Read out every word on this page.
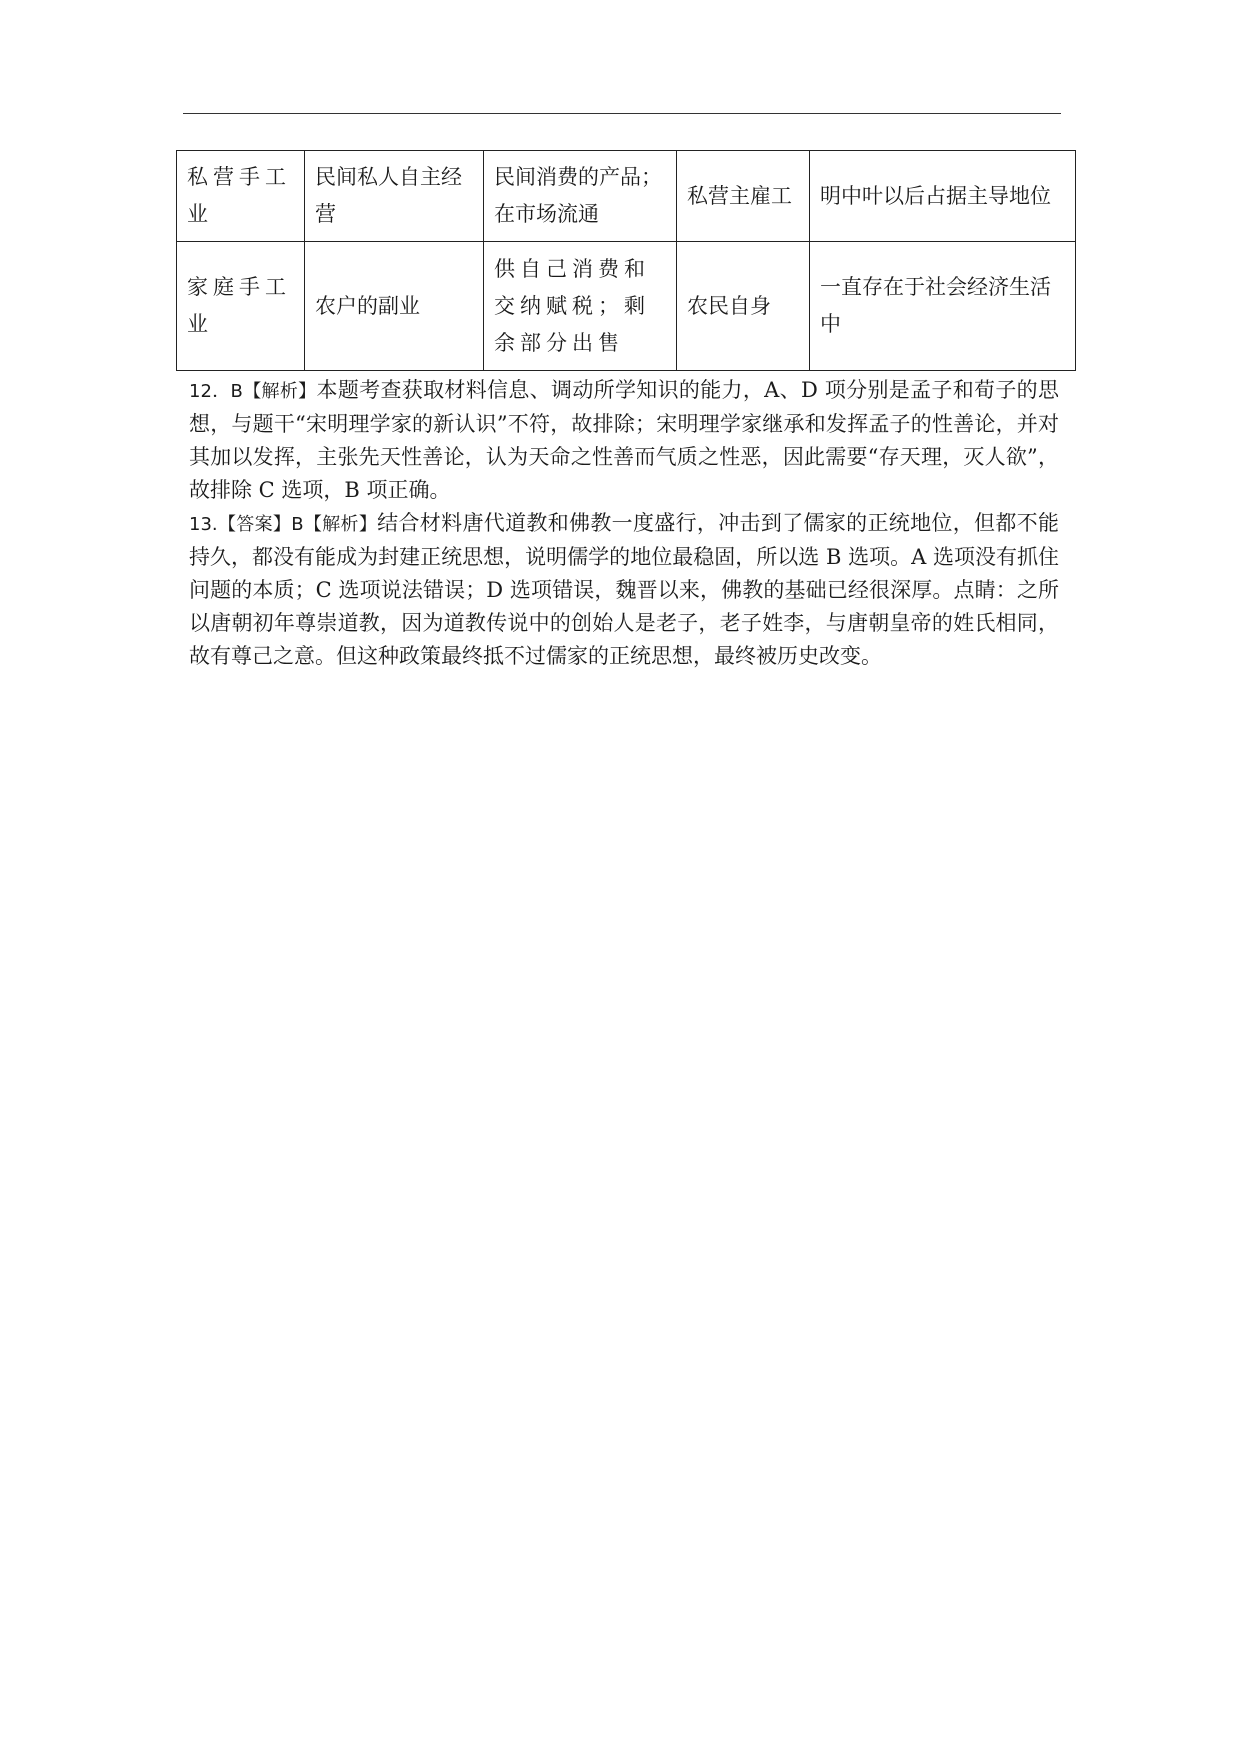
私营手工业	民间私人自主经营	民间消费的产品；在市场流通	私营主雇工	明中叶以后占据主导地位
家庭手工业	农户的副业	供自己消费和交纳赋税；剩余部分出售	农民自身	一直存在于社会经济生活中

12．B【解析】本题考查获取材料信息、调动所学知识的能力，A、D 项分别是孟子和荀子的思想，与题干“宋明理学家的新认识”不符，故排除；宋明理学家继承和发挥孟子的性善论，并对其加以发挥，主张先天性善论，认为天命之性善而气质之性恶，因此需要“存天理，灭人欲”，故排除 C 选项，B 项正确。

13.【答案】B【解析】结合材料唐代道教和佛教一度盛行，冲击到了儒家的正统地位，但都不能持久，都没有能成为封建正统思想，说明儒学的地位最稳固，所以选 B 选项。A 选项没有抓住问题的本质；C 选项说法错误；D 选项错误，魏晋以来，佛教的基础已经很深厚。点睛：之所以唐朝初年尊崇道教，因为道教传说中的创始人是老子，老子姓李，与唐朝皇帝的姓氏相同，故有尊己之意。但这种政策最终抵不过儒家的正统思想，最终被历史改变。
